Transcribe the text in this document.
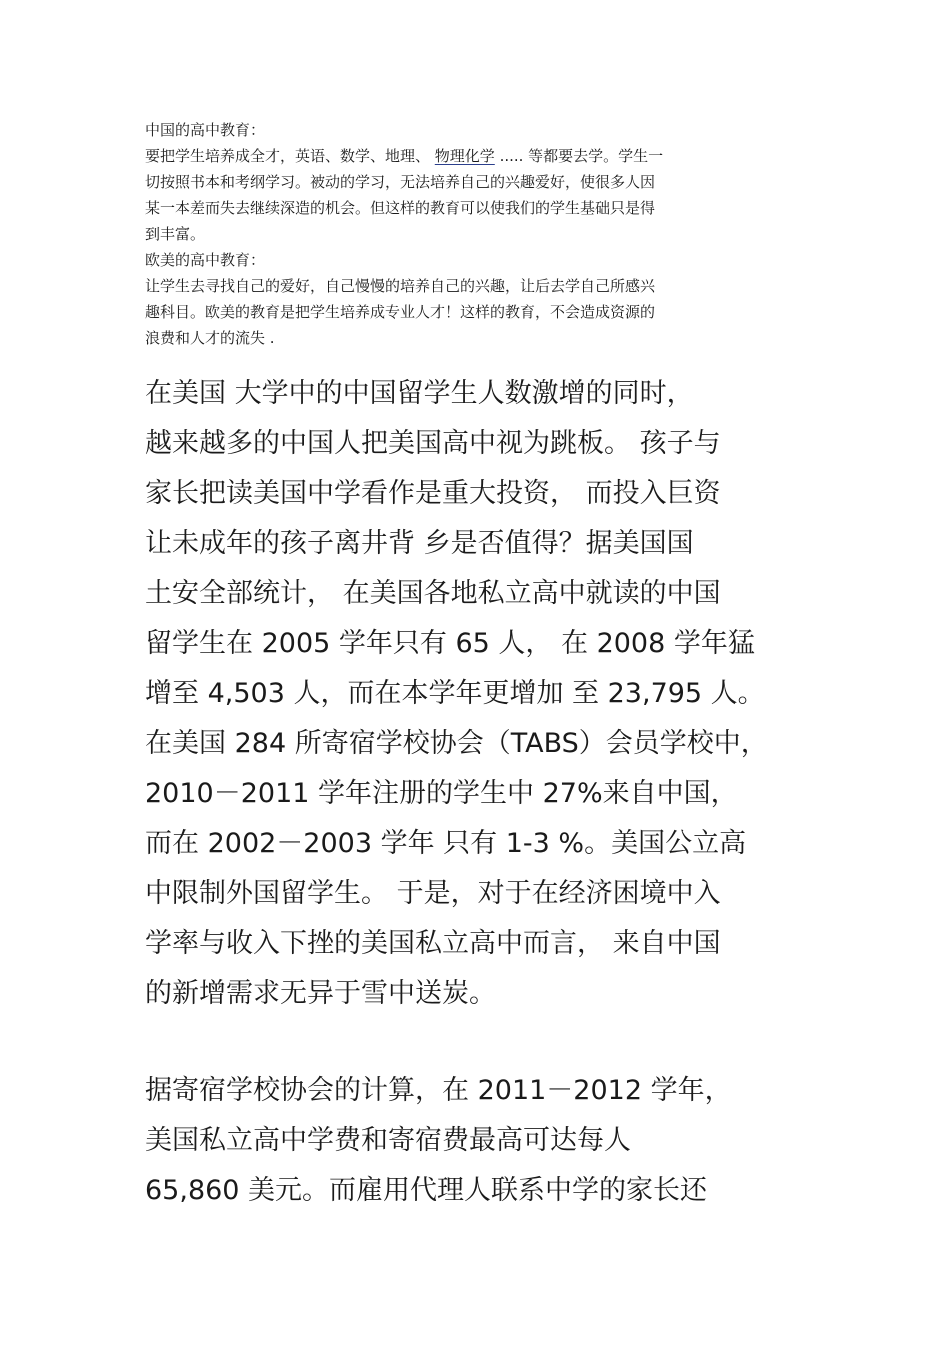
中国的高中教育：
要把学生培养成全才，英语、数学、地理、 物理化学 ..... 等都要去学。学生一
切按照书本和考纲学习。被动的学习，无法培养自己的兴趣爱好，使很多人因
某一本差而失去继续深造的机会。但这样的教育可以使我们的学生基础只是得
到丰富。
欧美的高中教育：
让学生去寻找自己的爱好，自己慢慢的培养自己的兴趣，让后去学自己所感兴
趣科目。欧美的教育是把学生培养成专业人才！这样的教育，不会造成资源的
浪费和人才的流失 .
在美国 大学中的中国留学生人数激增的同时，
越来越多的中国人把美国高中视为跳板。 孩子与
家长把读美国中学看作是重大投资， 而投入巨资
让未成年的孩子离井背 乡是否值得？据美国国
土安全部统计， 在美国各地私立高中就读的中国
留学生在 2005 学年只有 65 人， 在 2008 学年猛
增至 4,503 人，而在本学年更增加 至 23,795 人。
在美国 284 所寄宿学校协会（TABS）会员学校中，
2010－2011 学年注册的学生中 27%来自中国，
而在 2002－2003 学年 只有 1-3 %。美国公立高
中限制外国留学生。 于是，对于在经济困境中入
学率与收入下挫的美国私立高中而言， 来自中国
的新增需求无异于雪中送炭。
据寄宿学校协会的计算，在 2011－2012 学年，
美国私立高中学费和寄宿费最高可达每人
65,860 美元。而雇用代理人联系中学的家长还
